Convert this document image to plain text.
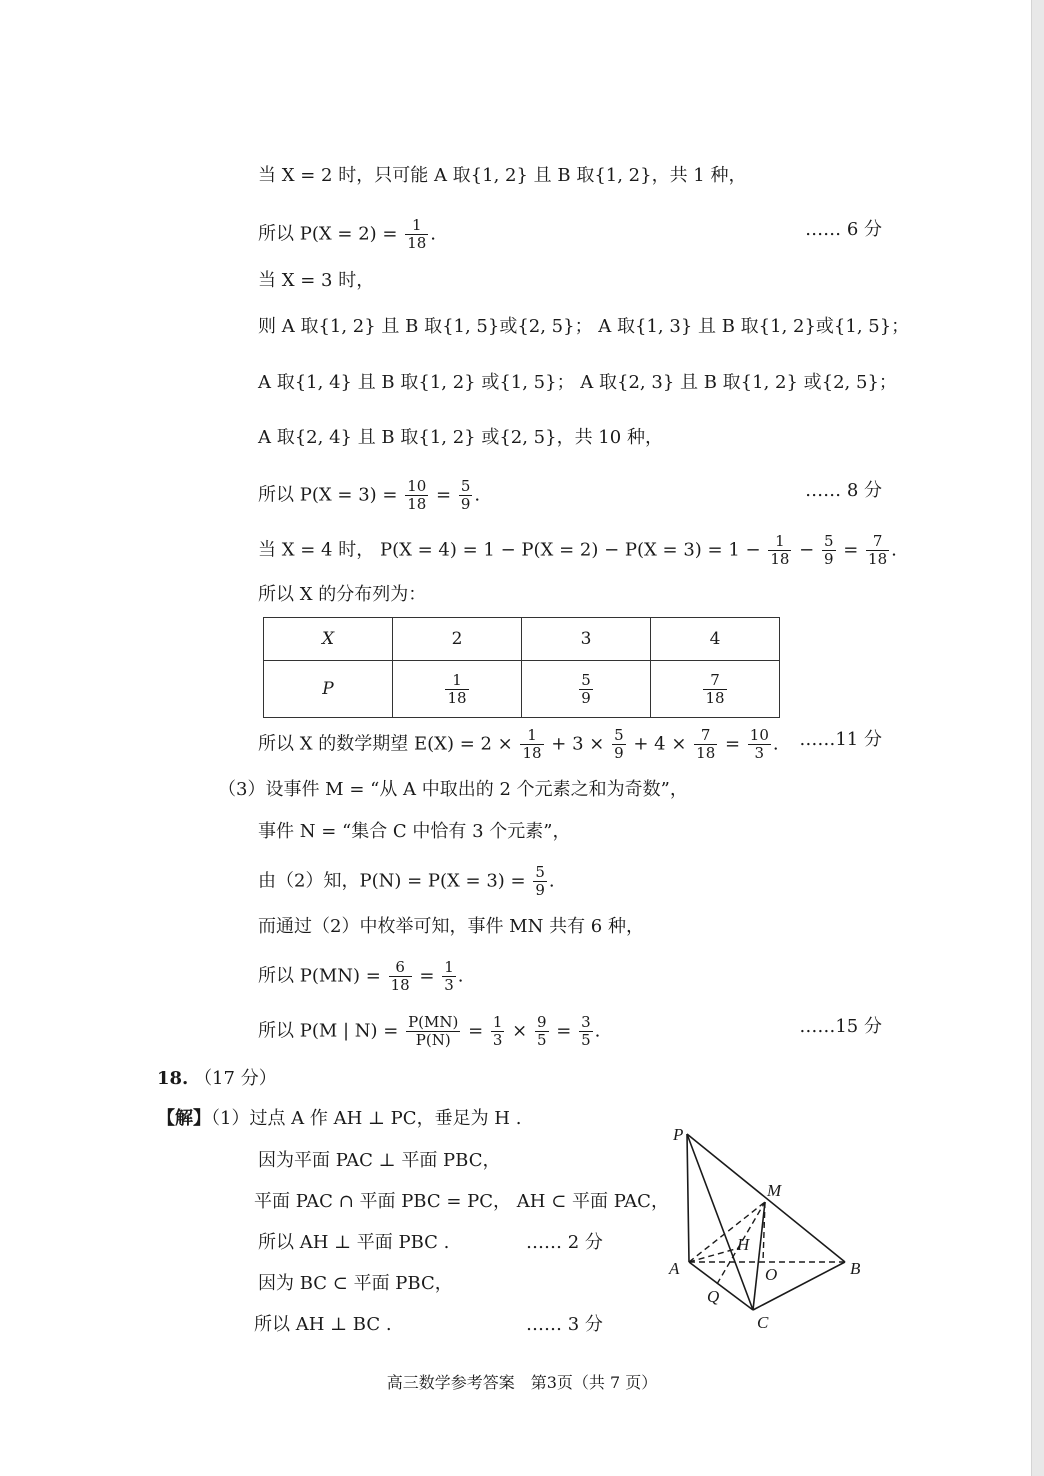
当 X = 2 时，只可能 A 取{1, 2} 且 B 取{1, 2}，共 1 种，
所以 $P(X = 2) = \frac{1}{18}$ .	…… 6 分
当 X = 3 时，
则 A 取{1, 2} 且 B 取{1, 5}或{2, 5}； A 取{1, 3} 且 B 取{1, 2}或{1, 5}；
A 取{1, 4} 且 B 取{1, 2} 或{1, 5}； A 取{2, 3} 且 B 取{1, 2} 或{2, 5}；
A 取{2, 4} 且 B 取{1, 2} 或{2, 5}，共 10 种，
所以 $P(X = 3) = \frac{10}{18} = \frac{5}{9}$ .	…… 8 分
当 X = 4 时， $P(X = 4) = 1 - P(X = 2) - P(X = 3) = 1 - \frac{1}{18} - \frac{5}{9} = \frac{7}{18}$ .
所以 X 的分布列为：
X	2	3	4
P	$\frac{1}{18}$	$\frac{5}{9}$	$\frac{7}{18}$
所以 X 的数学期望 $E(X) = 2 \times \frac{1}{18} + 3 \times \frac{5}{9} + 4 \times \frac{7}{18} = \frac{10}{3}$ . ……11 分
（3）设事件 M = “从 A 中取出的 2 个元素之和为奇数”，
事件 N = “集合 C 中恰有 3 个元素”，
由（2）知，$P(N) = P(X = 3) = \frac{5}{9}$ .
而通过（2）中枚举可知，事件 MN 共有 6 种，
所以 $P(MN) = \frac{6}{18} = \frac{1}{3}$ .
所以 P(M | $N) = \frac{P(MN)}{P(N)} = \frac{1}{3} \times \frac{9}{5} = \frac{3}{5}$ .	……15 分
18. （17 分）
【解】（1）过点 A 作 AH ⊥ PC，垂足为 H .
因为平面 PAC ⊥ 平面 PBC，
平面 PAC ∩ 平面 PBC = PC， AH ⊂ 平面 PAC，
所以 AH ⊥ 平面 PBC .	…… 2 分
因为 BC ⊂ 平面 PBC，
所以 AH ⊥ BC .	…… 3 分
P
M
H
A	O	B
Q
C
高三数学参考答案　第3页（共 7 页）
